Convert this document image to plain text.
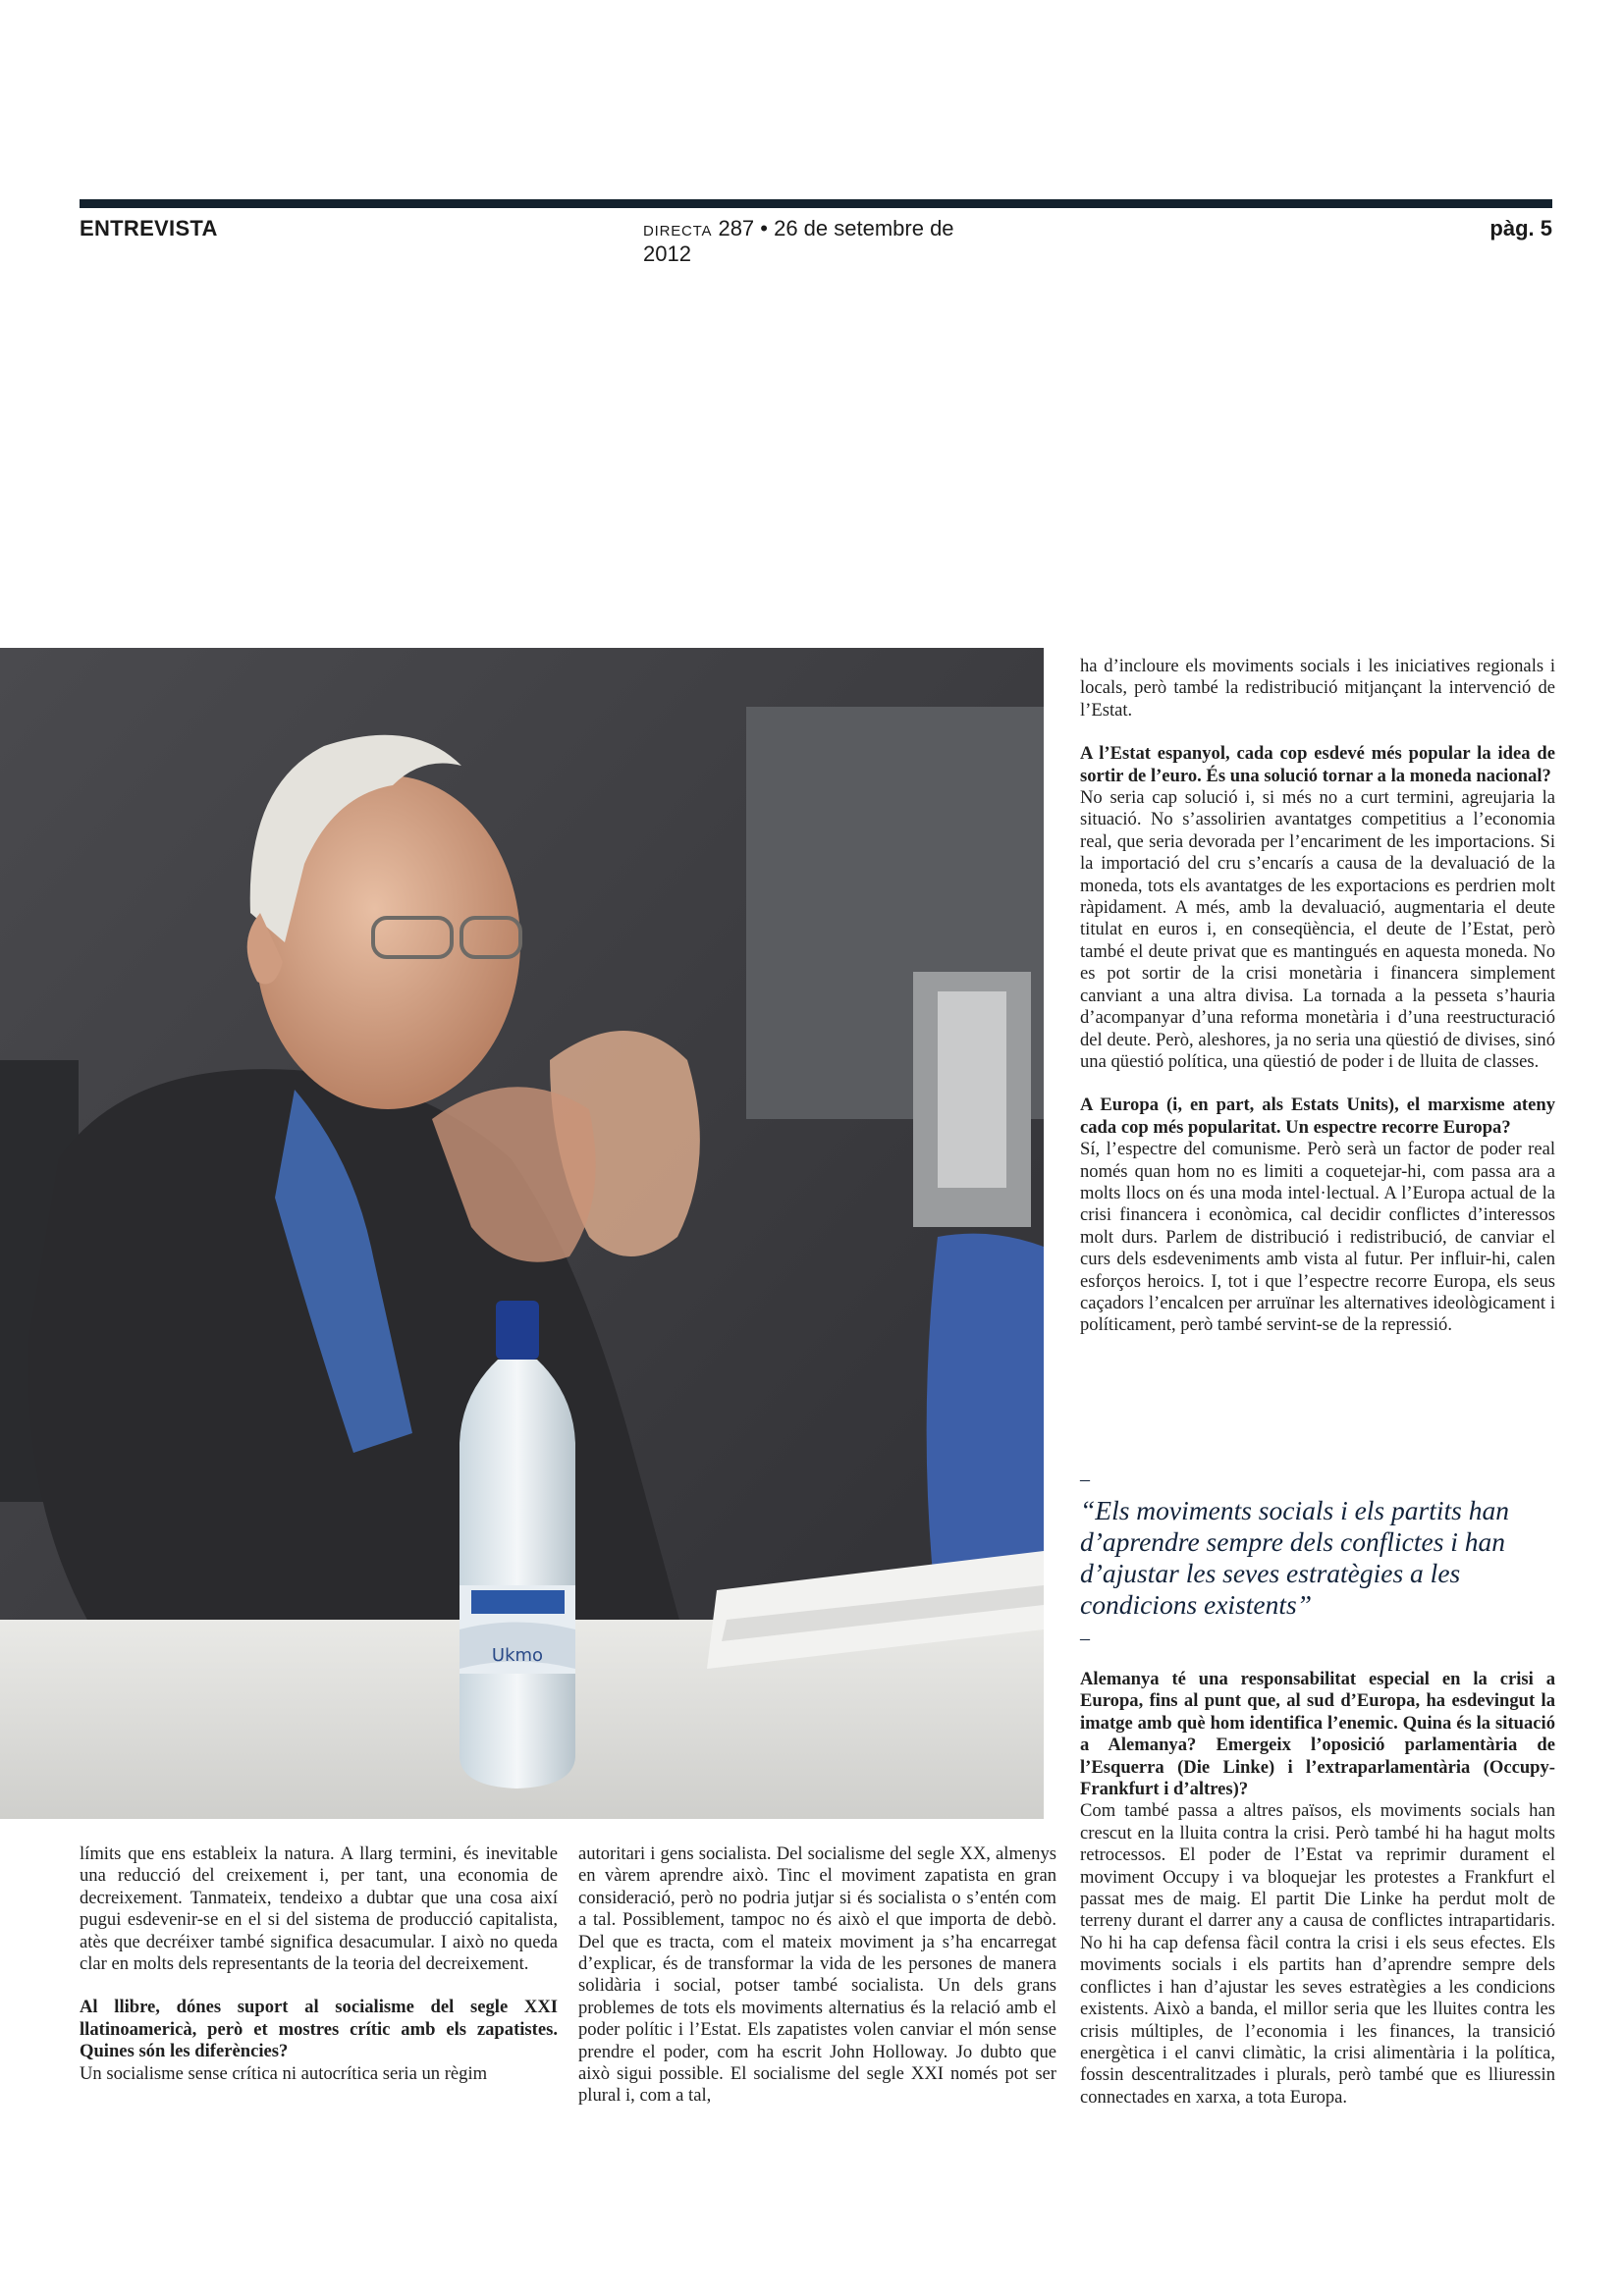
ENTREVISTA	DIRECTA 287 • 26 de setembre de 2012
pàg. 5
Ukmo

ha d’incloure els moviments socials i les iniciatives regionals i locals, però també la redistribució mitjançant la intervenció de l’Estat.

A l’Estat espanyol, cada cop esdevé més popular la idea de sortir de l’euro. És una solució tornar a la moneda nacional?

No seria cap solució i, si més no a curt termini, agreujaria la situació. No s’assolirien avantatges competitius a l’economia real, que seria devorada per l’encariment de les importacions. Si la importació del cru s’encarís a causa de la devaluació de la moneda, tots els avantatges de les exportacions es perdrien molt ràpidament. A més, amb la devaluació, augmentaria el deute titulat en euros i, en conseqüència, el deute de l’Estat, però també el deute privat que es mantingués en aquesta moneda. No es pot sortir de la crisi monetària i financera simplement canviant a una altra divisa. La tornada a la pesseta s’hauria d’acompanyar d’una reforma monetària i d’una reestructuració del deute. Però, aleshores, ja no seria una qüestió de divises, sinó una qüestió política, una qüestió de poder i de lluita de classes.

A Europa (i, en part, als Estats Units), el marxisme ateny cada cop més popularitat. Un espectre recorre Europa?

Sí, l’espectre del comunisme. Però serà un factor de poder real només quan hom no es limiti a coquetejar-hi, com passa ara a molts llocs on és una moda intel·lectual. A l’Europa actual de la crisi financera i econòmica, cal decidir conflictes d’interessos molt durs. Parlem de distribució i redistribució, de canviar el curs dels esdeveniments amb vista al futur. Per influir-hi, calen esforços heroics. I, tot i que l’espectre recorre Europa, els seus caçadors l’encalcen per arruïnar les alternatives ideològicament i políticament, però també servint-se de la repressió.

–
“Els moviments socials i els partits han d’aprendre sempre dels conflictes i han d’ajustar les seves estratègies a les condicions existents”
–

Alemanya té una responsabilitat especial en la crisi a Europa, fins al punt que, al sud d’Europa, ha esdevingut la imatge amb què hom identifica l’enemic. Quina és la situació a Alemanya? Emergeix l’oposició parlamentària de l’Esquerra (Die Linke) i l’extraparlamentària (Occupy-Frankfurt i d’altres)?

Com també passa a altres països, els moviments socials han crescut en la lluita contra la crisi. Però també hi ha hagut molts retrocessos. El poder de l’Estat va reprimir durament el moviment Occupy i va bloquejar les protestes a Frankfurt el passat mes de maig. El partit Die Linke ha perdut molt de terreny durant el darrer any a causa de conflictes intrapartidaris. No hi ha cap defensa fàcil contra la crisi i els seus efectes. Els moviments socials i els partits han d’aprendre sempre dels conflictes i han d’ajustar les seves estratègies a les condicions existents. Això a banda, el millor seria que les lluites contra les crisis múltiples, de l’economia i les finances, la transició energètica i el canvi climàtic, la crisi alimentària i la política, fossin descentralitzades i plurals, però també que es lliuressin connectades en xarxa, a tota Europa.

límits que ens estableix la natura. A llarg termini, és inevitable una reducció del creixement i, per tant, una economia de decreixement. Tanmateix, tendeixo a dubtar que una cosa així pugui esdevenir-se en el si del sistema de producció capitalista, atès que decréixer també significa desacumular. I això no queda clar en molts dels representants de la teoria del decreixement.

Al llibre, dónes suport al socialisme del segle XXI llatinoamericà, però et mostres crític amb els zapatistes. Quines són les diferències?

Un socialisme sense crítica ni autocrítica seria un règim

autoritari i gens socialista. Del socialisme del segle XX, almenys en vàrem aprendre això. Tinc el moviment zapatista en gran consideració, però no podria jutjar si és socialista o s’entén com a tal. Possiblement, tampoc no és això el que importa de debò. Del que es tracta, com el mateix moviment ja s’ha encarregat d’explicar, és de transformar la vida de les persones de manera solidària i social, potser també socialista. Un dels grans problemes de tots els moviments alternatius és la relació amb el poder polític i l’Estat. Els zapatistes volen canviar el món sense prendre el poder, com ha escrit John Holloway. Jo dubto que això sigui possible. El socialisme del segle XXI només pot ser plural i, com a tal,
